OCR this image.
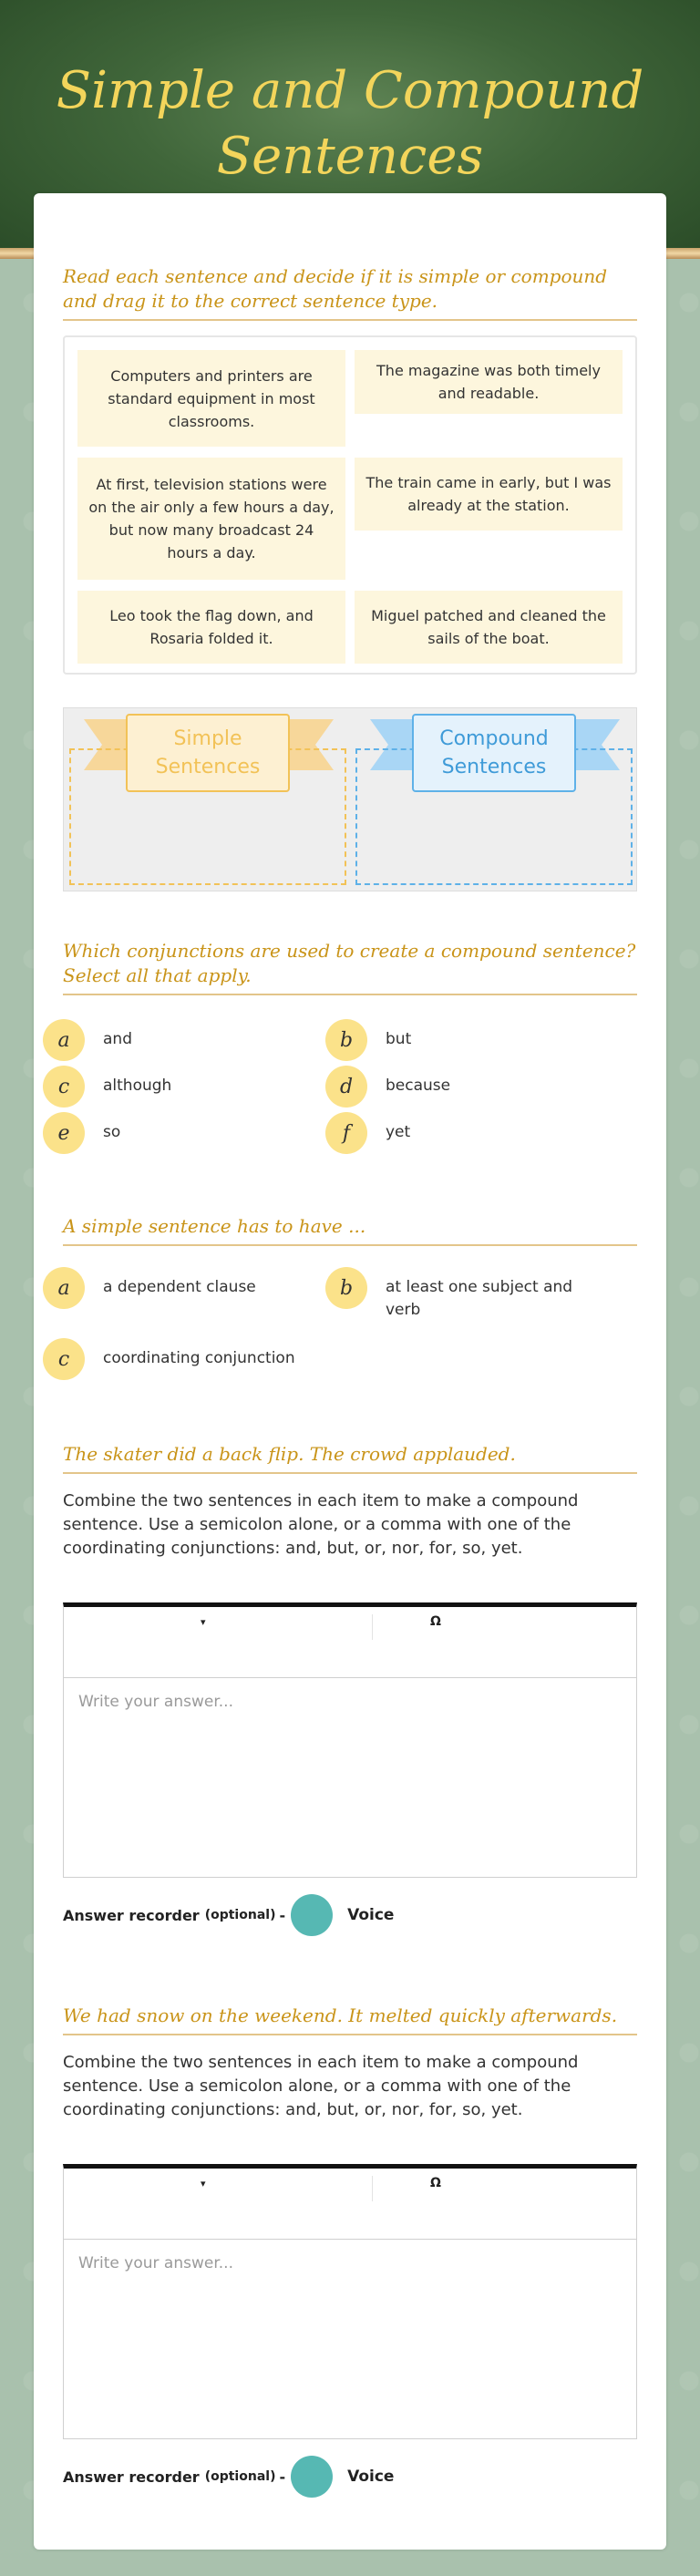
Simple and Compound
Sentences
Read each sentence and decide if it is simple or compound and drag it to the correct sentence type.
Computers and printers are standard equipment in most classrooms.
The magazine was both timely and readable.
At first, television stations were on the air only a few hours a day, but now many broadcast 24 hours a day.
The train came in early, but I was already at the station.
Leo took the flag down, and Rosaria folded it.
Miguel patched and cleaned the sails of the boat.
Simple Sentences
Compound Sentences
Which conjunctions are used to create a compound sentence? Select all that apply.
a	and	b	but
c	although	d	because
e	so	f	yet
A simple sentence has to have ...
a	a dependent clause	b	at least one subject and verb
c	coordinating conjunction
The skater did a back flip. The crowd applauded.
Combine the two sentences in each item to make a compound sentence. Use a semicolon alone, or a comma with one of the coordinating conjunctions: and, but, or, nor, for, so, yet.
▾	Ω
Write your answer...
Answer recorder (optional) -	Voice
We had snow on the weekend. It melted quickly afterwards.
Combine the two sentences in each item to make a compound sentence. Use a semicolon alone, or a comma with one of the coordinating conjunctions: and, but, or, nor, for, so, yet.
▾	Ω
Write your answer...
Answer recorder (optional) -	Voice
